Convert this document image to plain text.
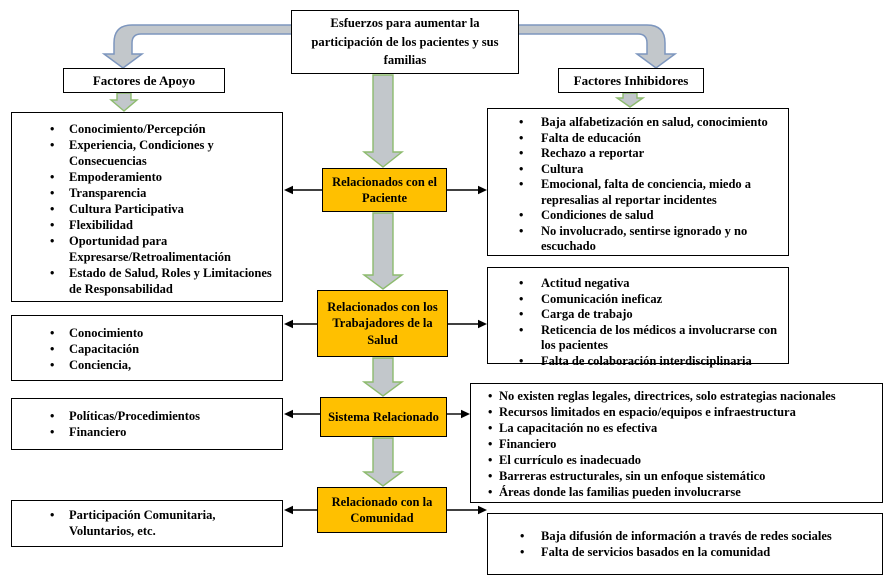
Esfuerzos para aumentar la participación de los pacientes y sus familias
Factores de Apoyo	Factores Inhibidores
Relacionados con el Paciente
Relacionados con los Trabajadores de la Salud
Sistema Relacionado
Relacionado con la Comunidad
• Conocimiento/Percepción
• Experiencia, Condiciones y Consecuencias
• Empoderamiento
• Transparencia
• Cultura Participativa
• Flexibilidad
• Oportunidad para Expresarse/Retroalimentación
• Estado de Salud, Roles y Limitaciones de Responsabilidad
• Conocimiento
• Capacitación
• Conciencia,
• Políticas/Procedimientos
• Financiero
• Participación Comunitaria, Voluntarios, etc.
• Baja alfabetización en salud, conocimiento
• Falta de educación
• Rechazo a reportar
• Cultura
• Emocional, falta de conciencia, miedo a represalias al reportar incidentes
• Condiciones de salud
• No involucrado, sentirse ignorado y no escuchado
• Actitud negativa
• Comunicación ineficaz
• Carga de trabajo
• Reticencia de los médicos a involucrarse con los pacientes
• Falta de colaboración interdisciplinaria
• No existen reglas legales, directrices, solo estrategias nacionales
• Recursos limitados en espacio/equipos e infraestructura
• La capacitación no es efectiva
• Financiero
• El currículo es inadecuado
• Barreras estructurales, sin un enfoque sistemático
• Áreas donde las familias pueden involucrarse
• Baja difusión de información a través de redes sociales
• Falta de servicios basados en la comunidad
